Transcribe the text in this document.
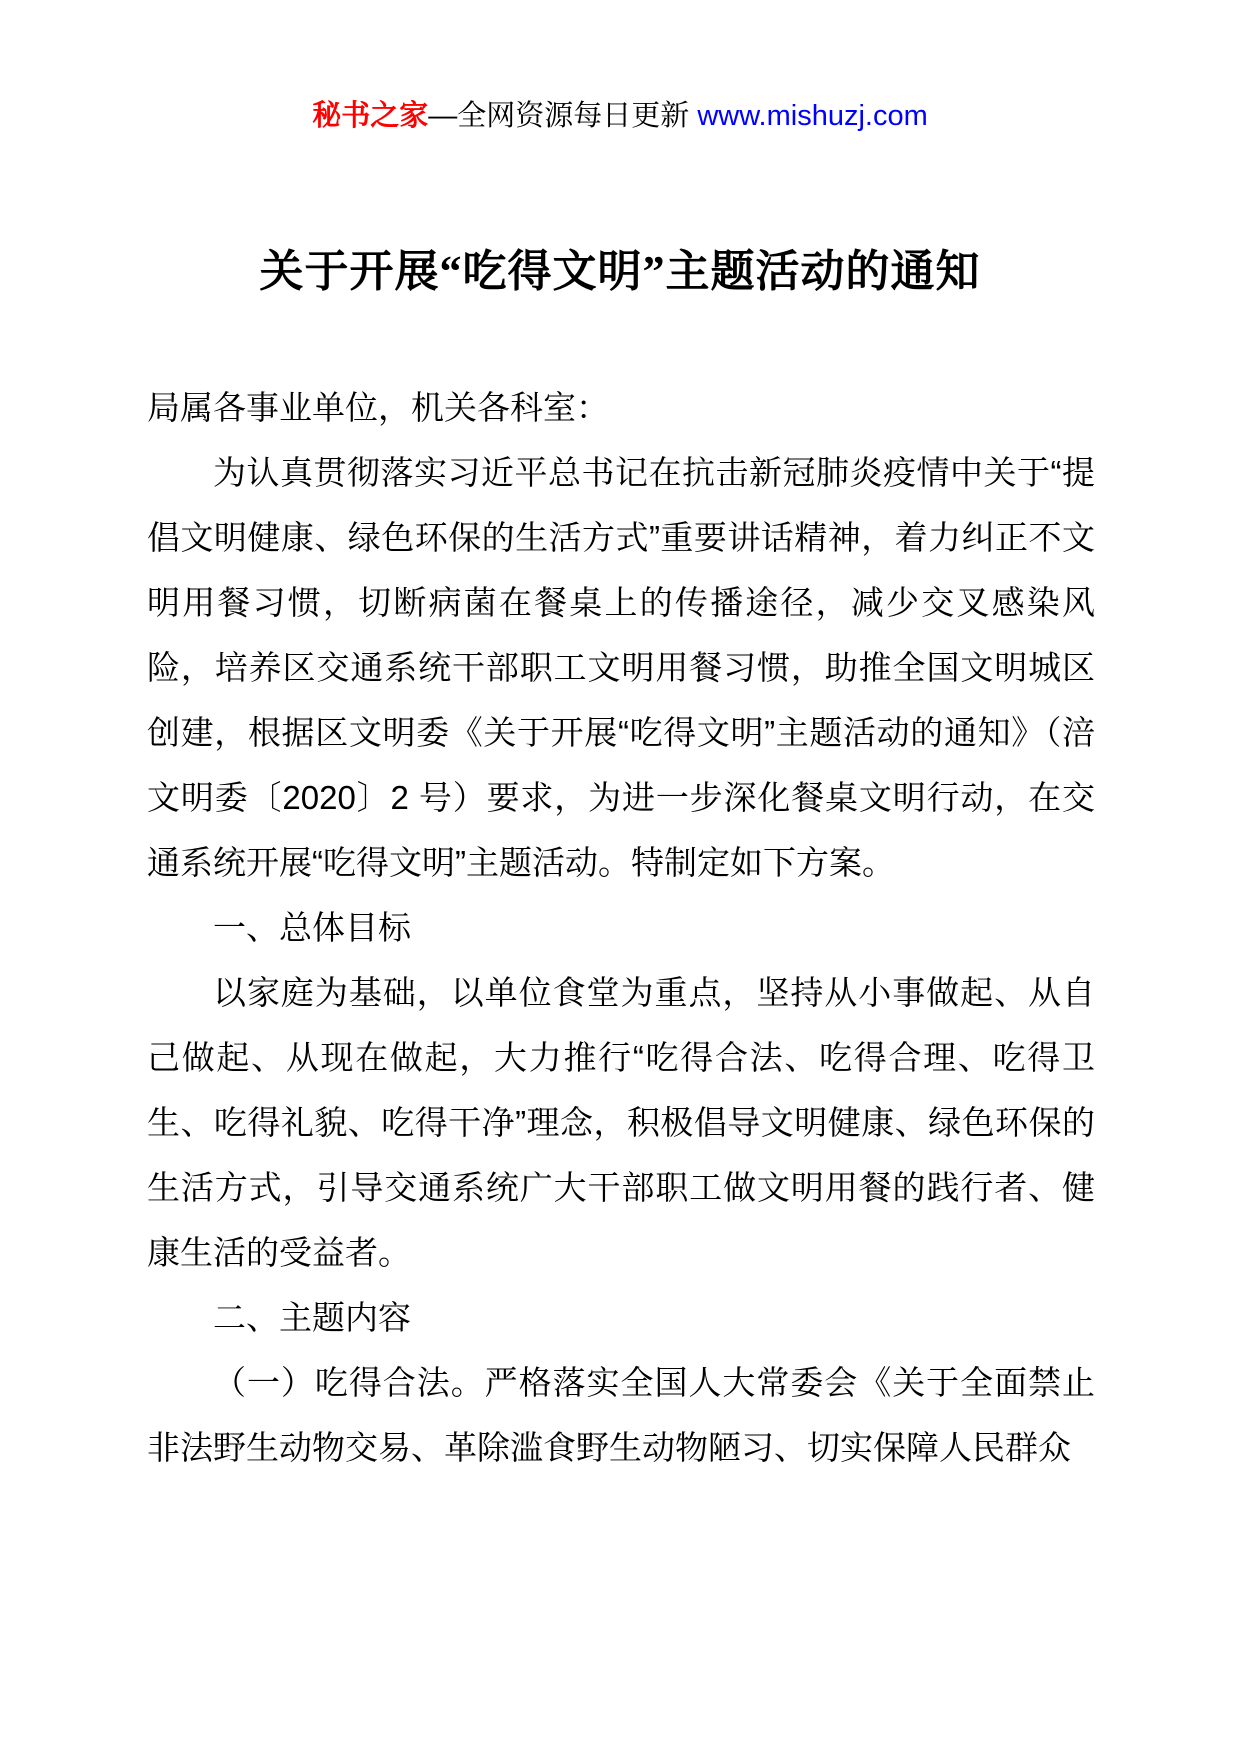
秘书之家—全网资源每日更新 www.mishuzj.com
关于开展“吃得文明”主题活动的通知

局属各事业单位，机关各科室：

为认真贯彻落实习近平总书记在抗击新冠肺炎疫情中关于“提倡文明健康、绿色环保的生活方式”重要讲话精神，着力纠正不文明用餐习惯，切断病菌在餐桌上的传播途径，减少交叉感染风险，培养区交通系统干部职工文明用餐习惯，助推全国文明城区创建，根据区文明委《关于开展“吃得文明”主题活动的通知》（涪文明委〔2020〕2 号）要求，为进一步深化餐桌文明行动，在交通系统开展“吃得文明”主题活动。特制定如下方案。

一、总体目标

以家庭为基础，以单位食堂为重点，坚持从小事做起、从自己做起、从现在做起，大力推行“吃得合法、吃得合理、吃得卫生、吃得礼貌、吃得干净”理念，积极倡导文明健康、绿色环保的生活方式，引导交通系统广大干部职工做文明用餐的践行者、健康生活的受益者。

二、主题内容

（一）吃得合法。严格落实全国人大常委会《关于全面禁止非法野生动物交易、革除滥食野生动物陋习、切实保障人民群众
